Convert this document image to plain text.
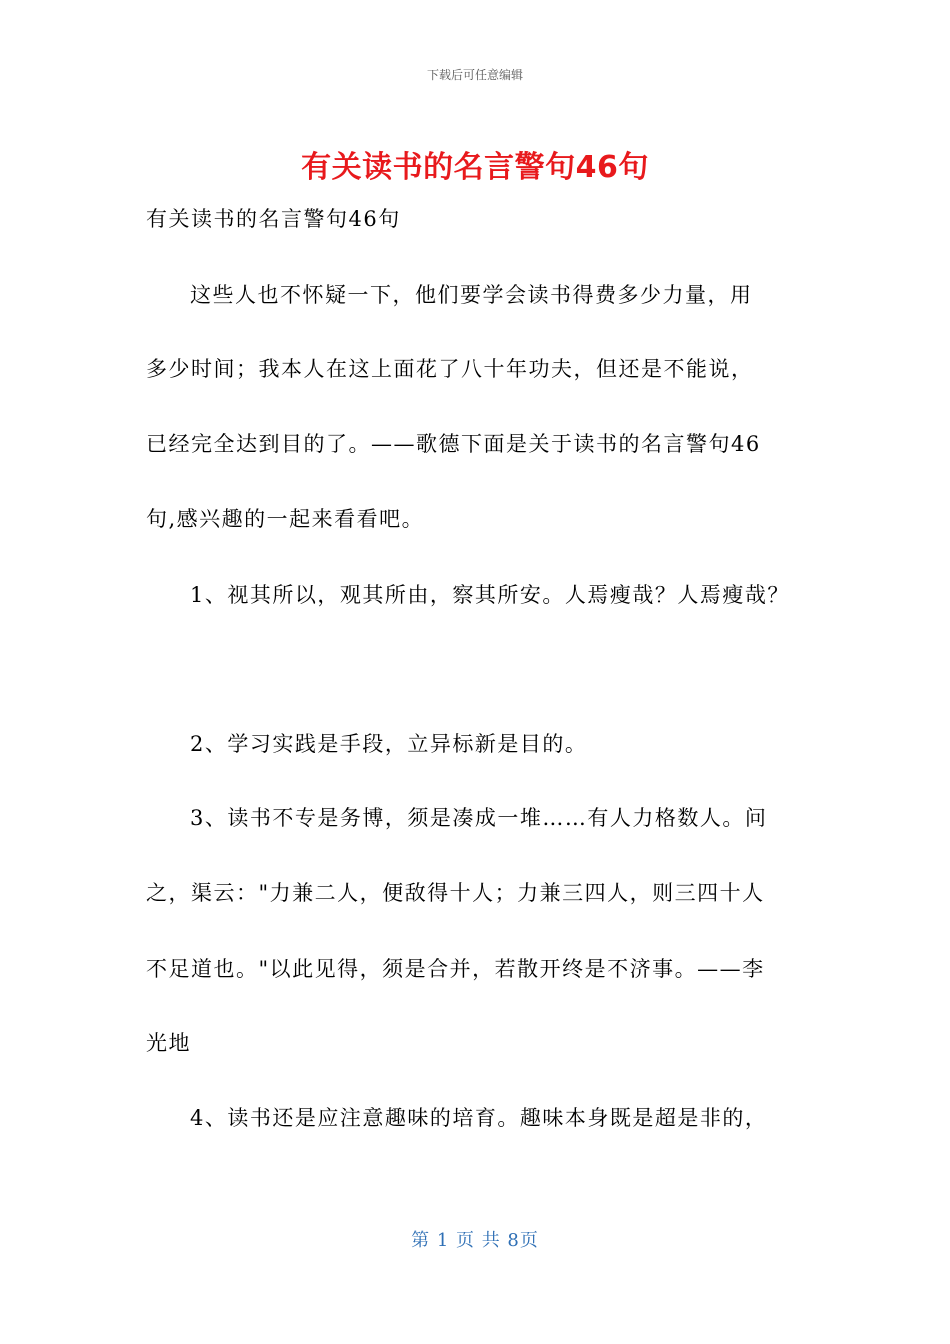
下载后可任意编辑
有关读书的名言警句46句
有关读书的名言警句46句
这些人也不怀疑一下，他们要学会读书得费多少力量，用
多少时间；我本人在这上面花了八十年功夫，但还是不能说，
已经完全达到目的了。——歌德下面是关于读书的名言警句46
句,感兴趣的一起来看看吧。
1、视其所以，观其所由，察其所安。人焉瘦哉？人焉瘦哉？
2、学习实践是手段，立异标新是目的。
3、读书不专是务博，须是凑成一堆……有人力格数人。问
之，渠云："力兼二人，便敌得十人；力兼三四人，则三四十人
不足道也。"以此见得，须是合并，若散开终是不济事。——李
光地
4、读书还是应注意趣味的培育。趣味本身既是超是非的，
第 1 页 共 8页
